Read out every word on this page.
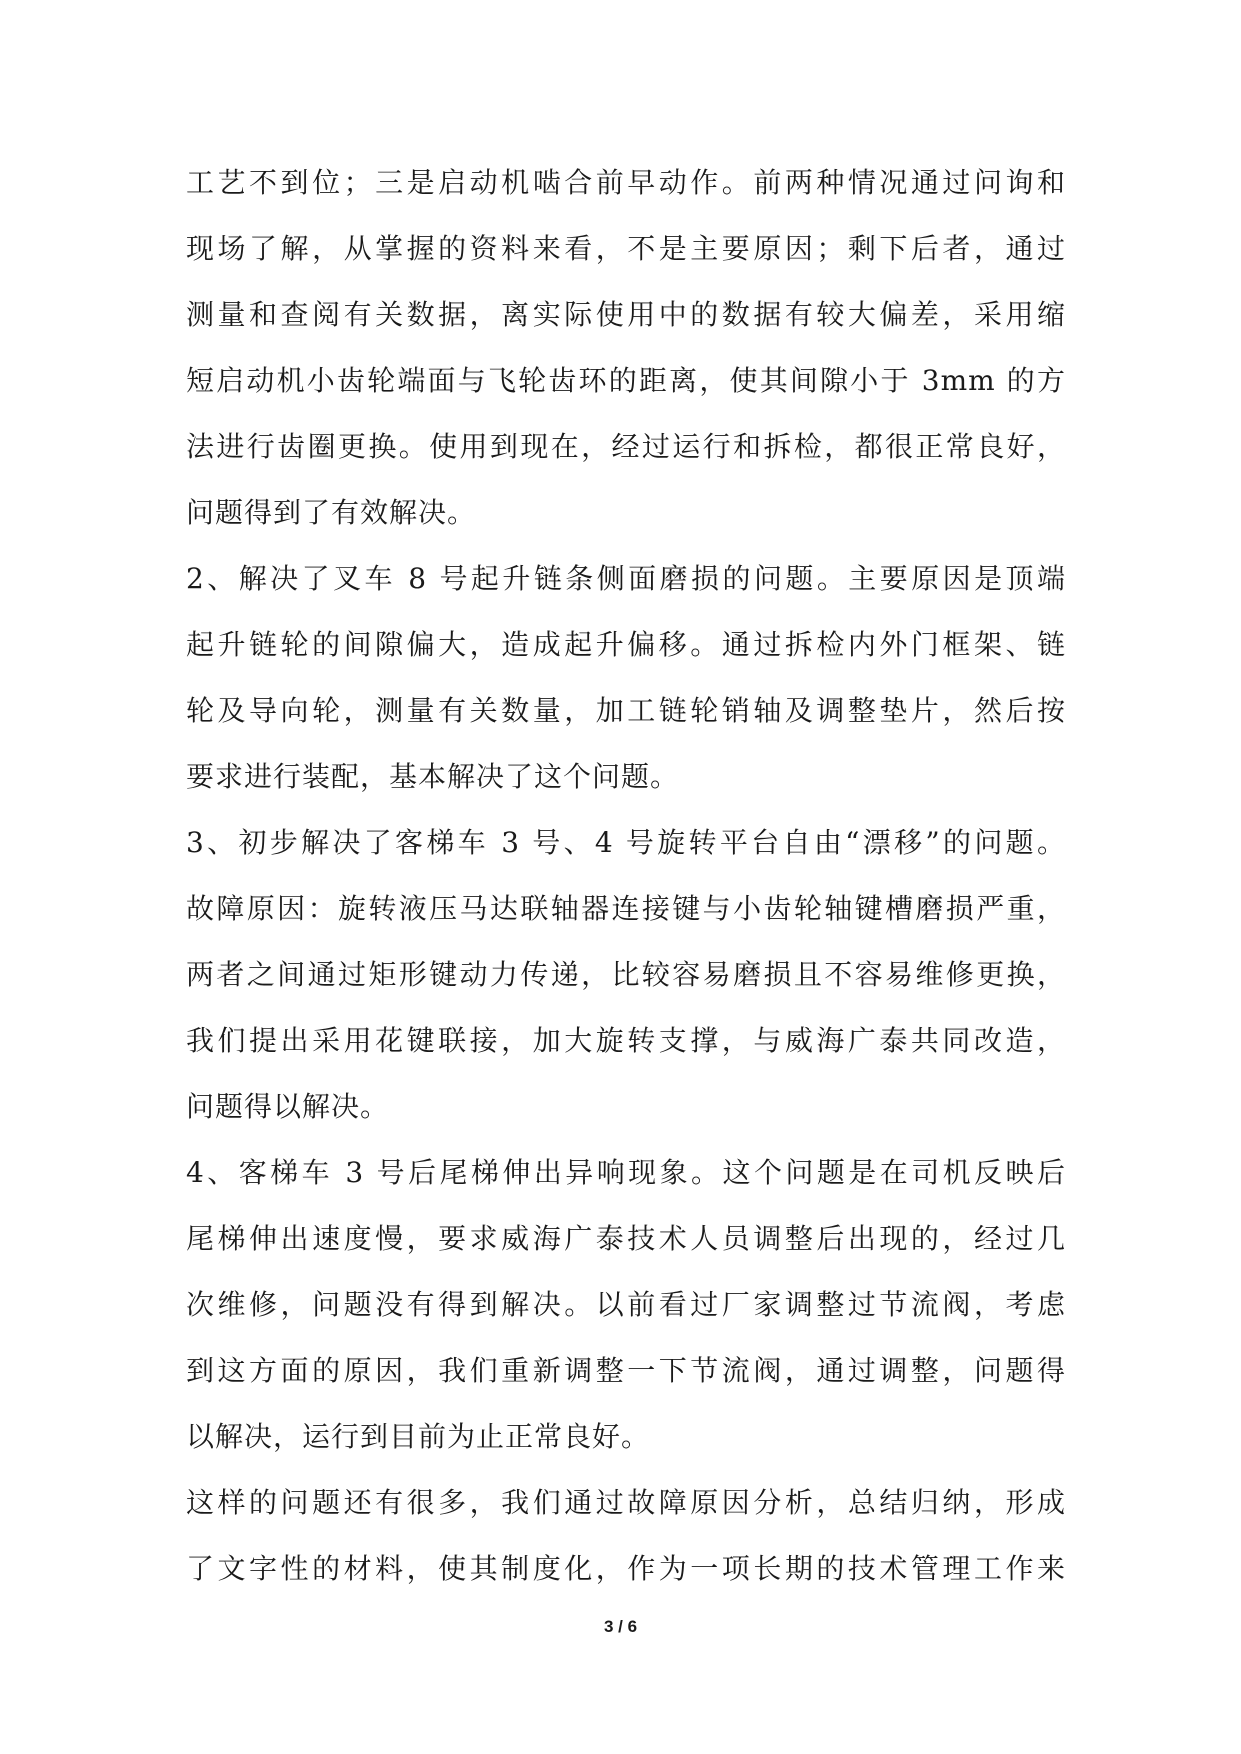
工艺不到位；三是启动机啮合前早动作。前两种情况通过问询和
现场了解，从掌握的资料来看，不是主要原因；剩下后者，通过
测量和查阅有关数据，离实际使用中的数据有较大偏差，采用缩
短启动机小齿轮端面与飞轮齿环的距离，使其间隙小于 3mm 的方
法进行齿圈更换。使用到现在，经过运行和拆检，都很正常良好，
问题得到了有效解决。
2、解决了叉车 8 号起升链条侧面磨损的问题。主要原因是顶端
起升链轮的间隙偏大，造成起升偏移。通过拆检内外门框架、链
轮及导向轮，测量有关数量，加工链轮销轴及调整垫片，然后按
要求进行装配，基本解决了这个问题。
3、初步解决了客梯车 3 号、4 号旋转平台自由“漂移”的问题。
故障原因：旋转液压马达联轴器连接键与小齿轮轴键槽磨损严重，
两者之间通过矩形键动力传递，比较容易磨损且不容易维修更换，
我们提出采用花键联接，加大旋转支撑，与威海广泰共同改造，
问题得以解决。
4、客梯车 3 号后尾梯伸出异响现象。这个问题是在司机反映后
尾梯伸出速度慢，要求威海广泰技术人员调整后出现的，经过几
次维修，问题没有得到解决。以前看过厂家调整过节流阀，考虑
到这方面的原因，我们重新调整一下节流阀，通过调整，问题得
以解决，运行到目前为止正常良好。
这样的问题还有很多，我们通过故障原因分析，总结归纳，形成
了文字性的材料，使其制度化，作为一项长期的技术管理工作来
3 / 6
